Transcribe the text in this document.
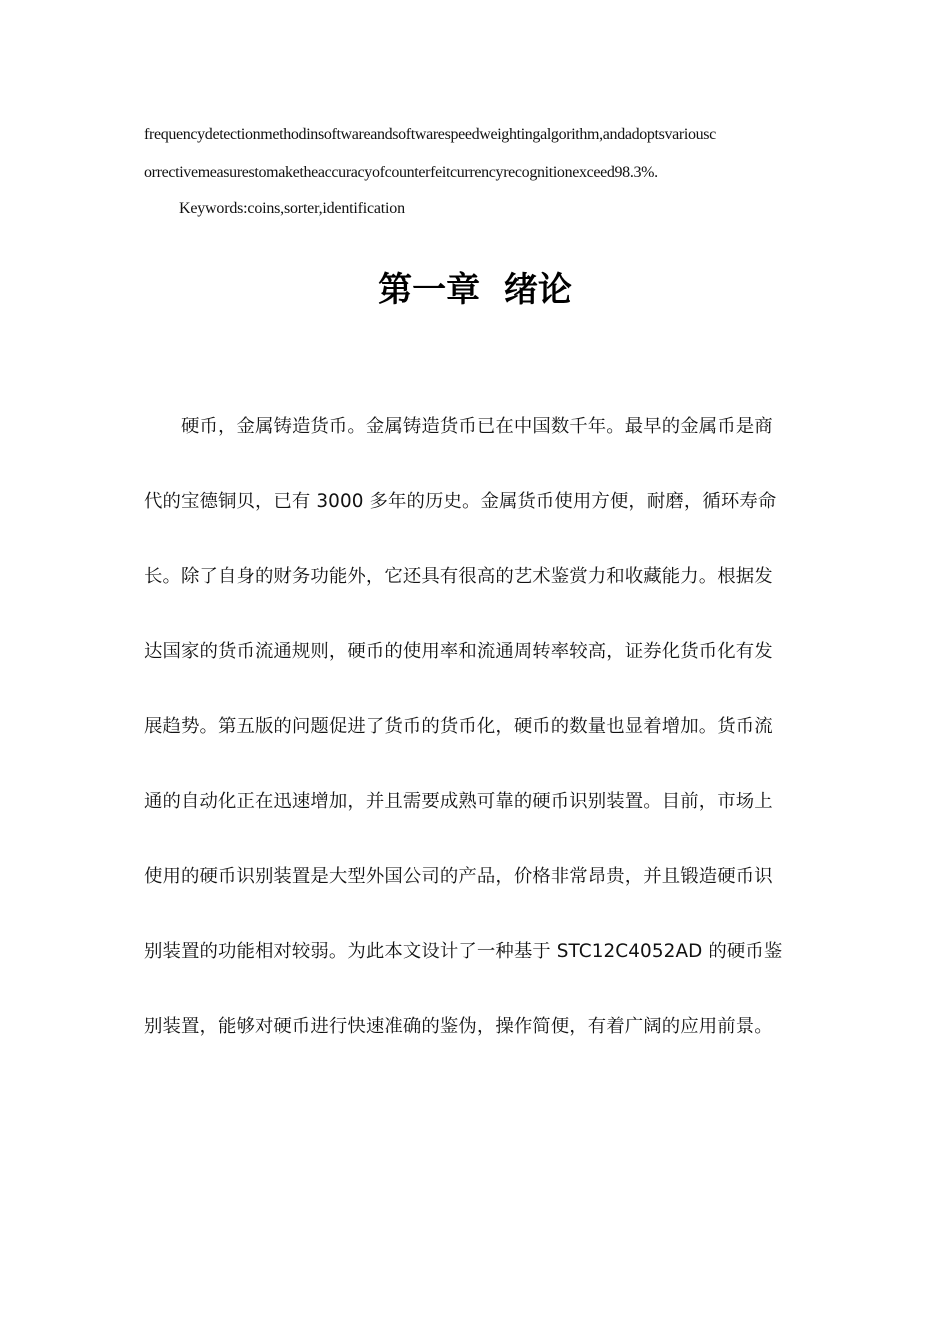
frequencydetectionmethodinsoftwareandsoftwarespeedweightingalgorithm,andadoptsvariousc
orrectivemeasurestomaketheaccuracyofcounterfeitcurrencyrecognitionexceed98.3%.
Keywords:coins,sorter,identification
第一章  绪论
硬币，金属铸造货币。金属铸造货币已在中国数千年。最早的金属币是商
代的宝德铜贝，已有 3000 多年的历史。金属货币使用方便，耐磨，循环寿命
长。除了自身的财务功能外，它还具有很高的艺术鉴赏力和收藏能力。根据发
达国家的货币流通规则，硬币的使用率和流通周转率较高，证券化货币化有发
展趋势。第五版的问题促进了货币的货币化，硬币的数量也显着增加。货币流
通的自动化正在迅速增加，并且需要成熟可靠的硬币识别装置。目前，市场上
使用的硬币识别装置是大型外国公司的产品，价格非常昂贵，并且锻造硬币识
别装置的功能相对较弱。为此本文设计了一种基于 STC12C4052AD 的硬币鉴
别装置，能够对硬币进行快速准确的鉴伪，操作简便，有着广阔的应用前景。
